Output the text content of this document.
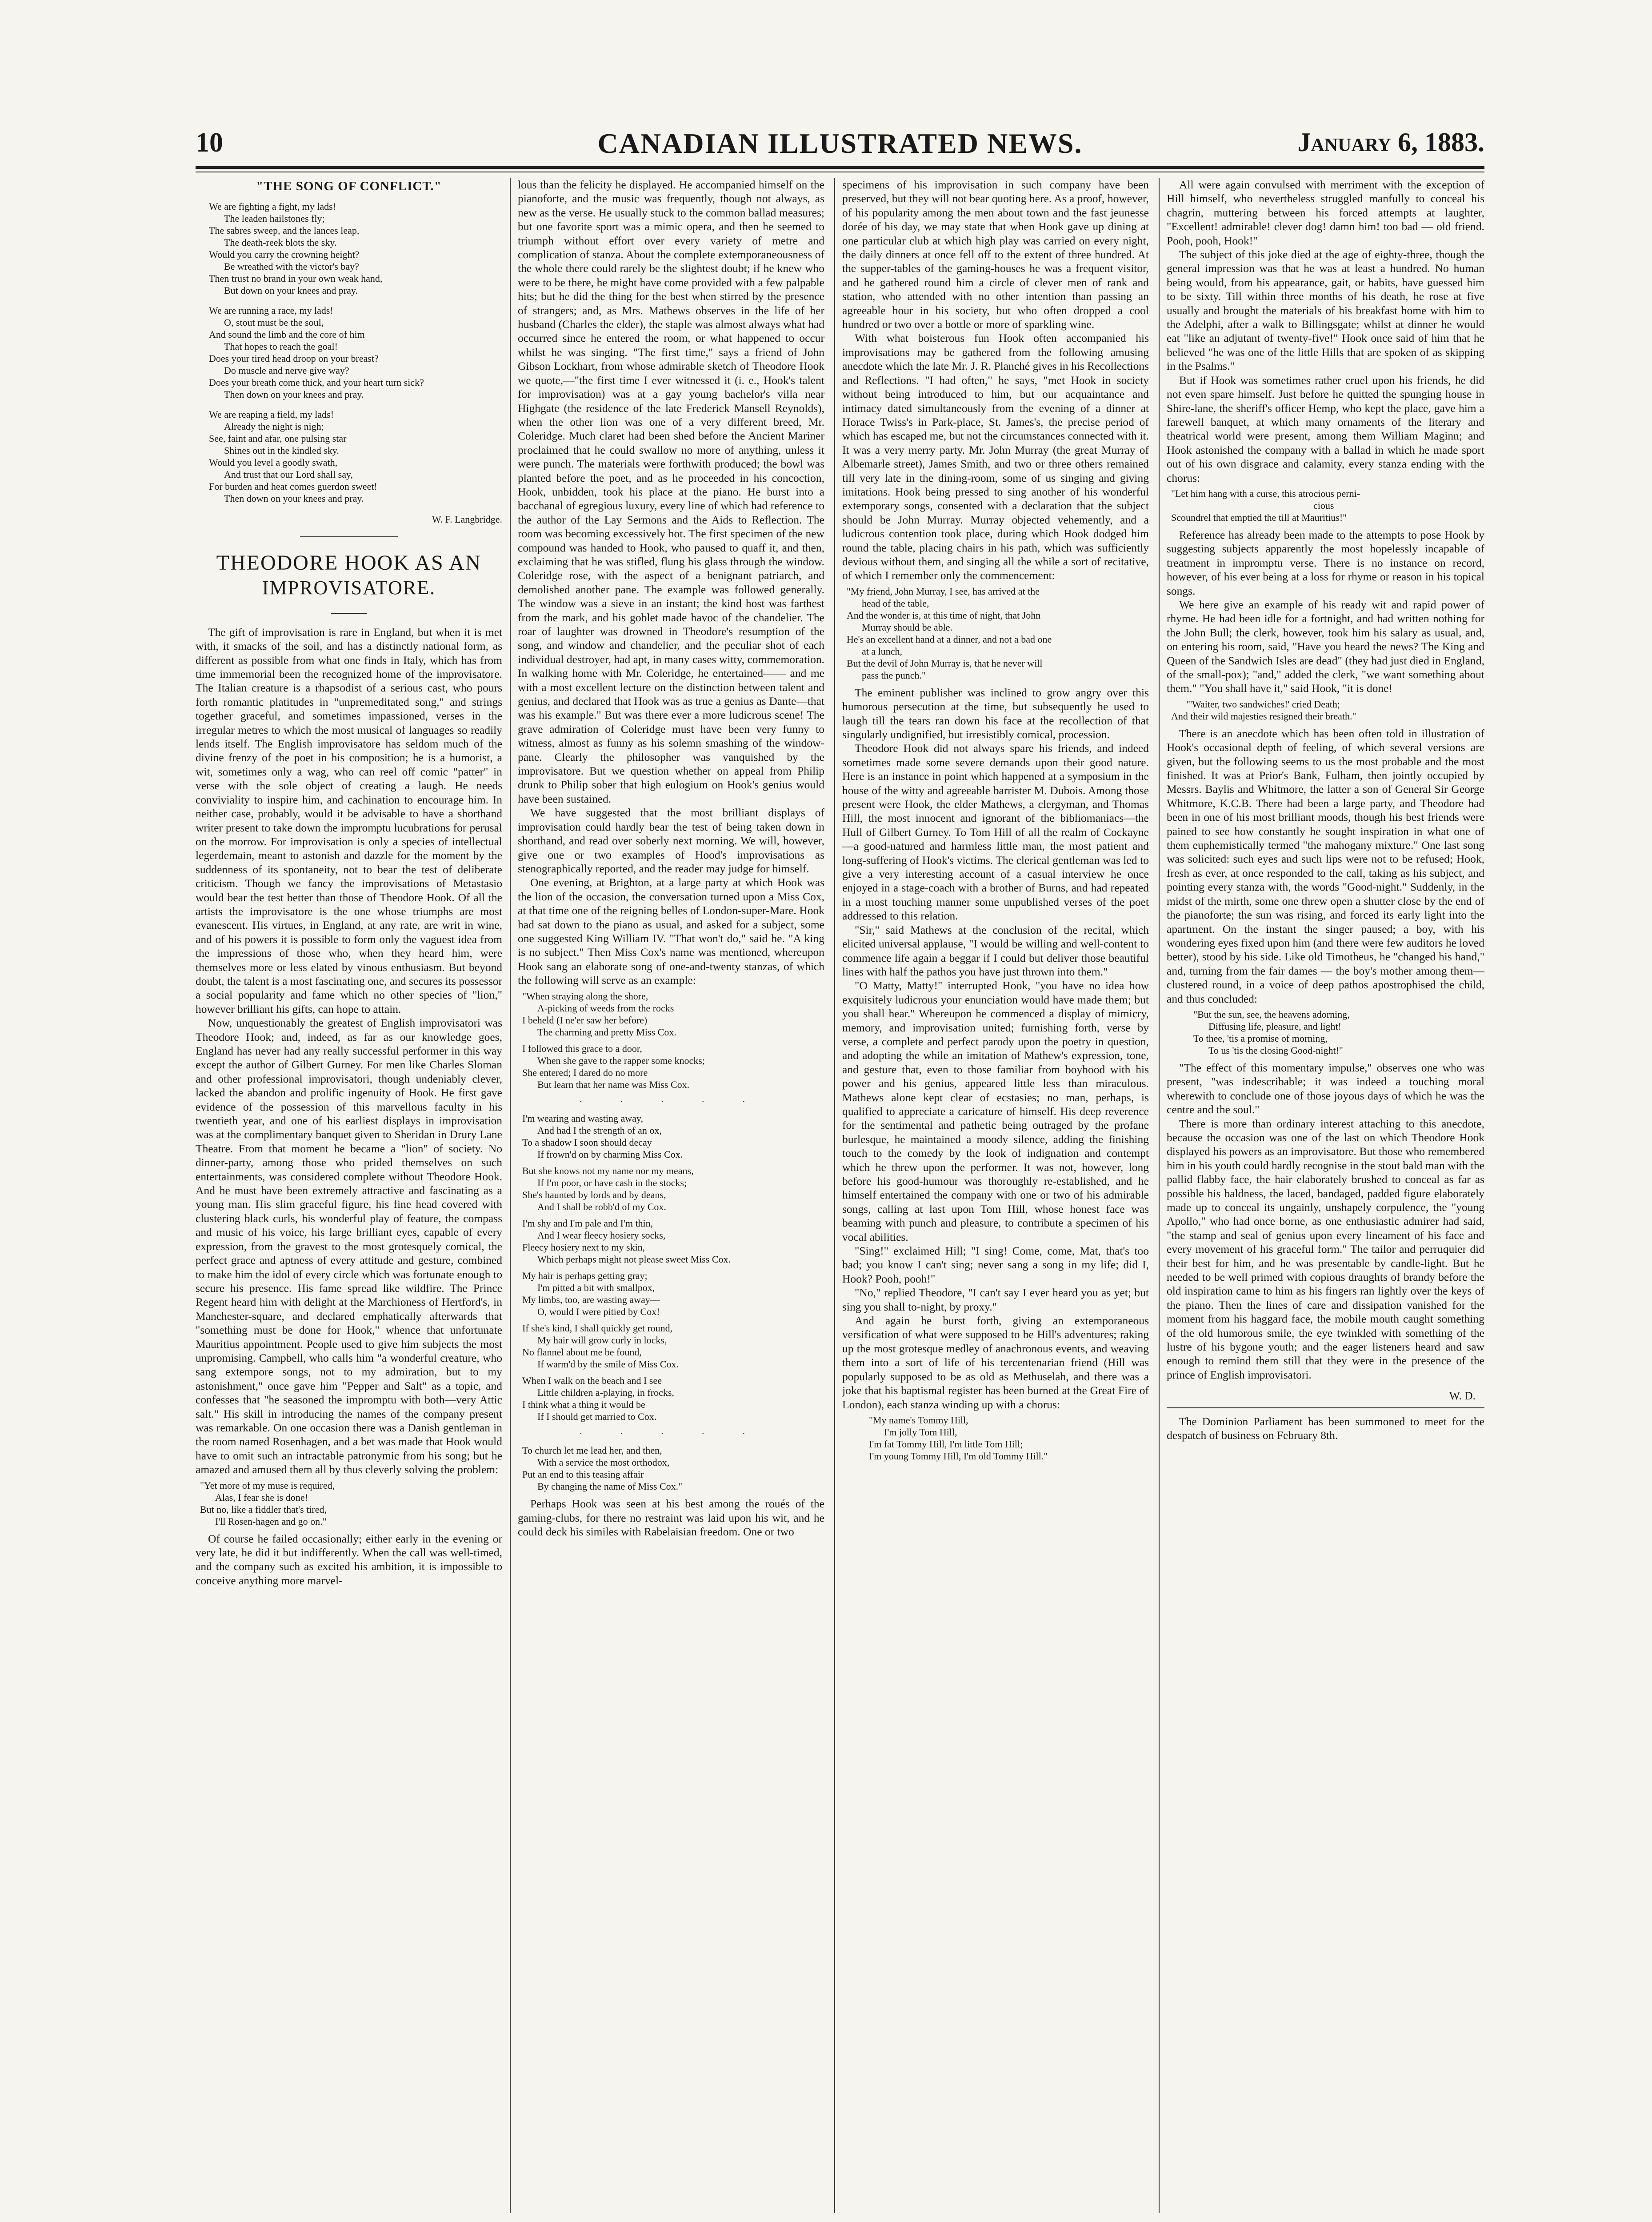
CANADIAN ILLUSTRATED NEWS.
10	January 6, 1883.
"THE SONG OF CONFLICT."
We are fighting a fight, my lads!
The leaden hailstones fly;
The sabres sweep, and the lances leap,
The death-reek blots the sky.
Would you carry the crowning height?
Be wreathed with the victor's bay?
Then trust no brand in your own weak hand,
But down on your knees and pray.
We are running a race, my lads!
O, stout must be the soul,
And sound the limb and the core of him
That hopes to reach the goal!
Does your tired head droop on your breast?
Do muscle and nerve give way?
Does your breath come thick, and your heart turn sick?
Then down on your knees and pray.
We are reaping a field, my lads!
Already the night is nigh;
See, faint and afar, one pulsing star
Shines out in the kindled sky.
Would you level a goodly swath,
And trust that our Lord shall say,
For burden and heat comes guerdon sweet!
Then down on your knees and pray.
W. F. Langbridge.
THEODORE HOOK AS AN
IMPROVISATORE.

The gift of improvisation is rare in England, but when it is met with, it smacks of the soil, and has a distinctly national form, as different as possible from what one finds in Italy, which has from time immemorial been the recognized home of the improvisatore. The Italian creature is a rhapsodist of a serious cast, who pours forth romantic platitudes in "unpremeditated song," and strings together graceful, and sometimes impassioned, verses in the irregular metres to which the most musical of languages so readily lends itself. The English improvisatore has seldom much of the divine frenzy of the poet in his composition; he is a humorist, a wit, sometimes only a wag, who can reel off comic "patter" in verse with the sole object of creating a laugh. He needs conviviality to inspire him, and cachination to encourage him. In neither case, probably, would it be advisable to have a shorthand writer present to take down the impromptu lucubrations for perusal on the morrow. For improvisation is only a species of intellectual legerdemain, meant to astonish and dazzle for the moment by the suddenness of its spontaneity, not to bear the test of deliberate criticism. Though we fancy the improvisations of Metastasio would bear the test better than those of Theodore Hook. Of all the artists the improvisatore is the one whose triumphs are most evanescent. His virtues, in England, at any rate, are writ in wine, and of his powers it is possible to form only the vaguest idea from the impressions of those who, when they heard him, were themselves more or less elated by vinous enthusiasm. But beyond doubt, the talent is a most fascinating one, and secures its possessor a social popularity and fame which no other species of "lion," however brilliant his gifts, can hope to attain.

Now, unquestionably the greatest of English improvisatori was Theodore Hook; and, indeed, as far as our knowledge goes, England has never had any really successful performer in this way except the author of Gilbert Gurney. For men like Charles Sloman and other professional improvisatori, though undeniably clever, lacked the abandon and prolific ingenuity of Hook. He first gave evidence of the possession of this marvellous faculty in his twentieth year, and one of his earliest displays in improvisation was at the complimentary banquet given to Sheridan in Drury Lane Theatre. From that moment he became a "lion" of society. No dinner-party, among those who prided themselves on such entertainments, was considered complete without Theodore Hook. And he must have been extremely attractive and fascinating as a young man. His slim graceful figure, his fine head covered with clustering black curls, his wonderful play of feature, the compass and music of his voice, his large brilliant eyes, capable of every expression, from the gravest to the most grotesquely comical, the perfect grace and aptness of every attitude and gesture, combined to make him the idol of every circle which was fortunate enough to secure his presence. His fame spread like wildfire. The Prince Regent heard him with delight at the Marchioness of Hertford's, in Manchester-square, and declared emphatically afterwards that "something must be done for Hook," whence that unfortunate Mauritius appointment. People used to give him subjects the most unpromising. Campbell, who calls him "a wonderful creature, who sang extempore songs, not to my admiration, but to my astonishment," once gave him "Pepper and Salt" as a topic, and confesses that "he seasoned the impromptu with both—very Attic salt." His skill in introducing the names of the company present was remarkable. On one occasion there was a Danish gentleman in the room named Rosenhagen, and a bet was made that Hook would have to omit such an intractable patronymic from his song; but he amazed and amused them all by thus cleverly solving the problem:

"Yet more of my muse is required,
Alas, I fear she is done!
But no, like a fiddler that's tired,
I'll Rosen-hagen and go on."

Of course he failed occasionally; either early in the evening or very late, he did it but indifferently. When the call was well-timed, and the company such as excited his ambition, it is impossible to conceive anything more marvel-

lous than the felicity he displayed. He accompanied himself on the pianoforte, and the music was frequently, though not always, as new as the verse. He usually stuck to the common ballad measures; but one favorite sport was a mimic opera, and then he seemed to triumph without effort over every variety of metre and complication of stanza. About the complete extemporaneousness of the whole there could rarely be the slightest doubt; if he knew who were to be there, he might have come provided with a few palpable hits; but he did the thing for the best when stirred by the presence of strangers; and, as Mrs. Mathews observes in the life of her husband (Charles the elder), the staple was almost always what had occurred since he entered the room, or what happened to occur whilst he was singing. "The first time," says a friend of John Gibson Lockhart, from whose admirable sketch of Theodore Hook we quote,—"the first time I ever witnessed it (i. e., Hook's talent for improvisation) was at a gay young bachelor's villa near Highgate (the residence of the late Frederick Mansell Reynolds), when the other lion was one of a very different breed, Mr. Coleridge. Much claret had been shed before the Ancient Mariner proclaimed that he could swallow no more of anything, unless it were punch. The materials were forthwith produced; the bowl was planted before the poet, and as he proceeded in his concoction, Hook, unbidden, took his place at the piano. He burst into a bacchanal of egregious luxury, every line of which had reference to the author of the Lay Sermons and the Aids to Reflection. The room was becoming excessively hot. The first specimen of the new compound was handed to Hook, who paused to quaff it, and then, exclaiming that he was stifled, flung his glass through the window. Coleridge rose, with the aspect of a benignant patriarch, and demolished another pane. The example was followed generally. The window was a sieve in an instant; the kind host was farthest from the mark, and his goblet made havoc of the chandelier. The roar of laughter was drowned in Theodore's resumption of the song, and window and chandelier, and the peculiar shot of each individual destroyer, had apt, in many cases witty, commemoration. In walking home with Mr. Coleridge, he entertained—— and me with a most excellent lecture on the distinction between talent and genius, and declared that Hook was as true a genius as Dante—that was his example." But was there ever a more ludicrous scene! The grave admiration of Coleridge must have been very funny to witness, almost as funny as his solemn smashing of the window-pane. Clearly the philosopher was vanquished by the improvisatore. But we question whether on appeal from Philip drunk to Philip sober that high eulogium on Hook's genius would have been sustained.

We have suggested that the most brilliant displays of improvisation could hardly bear the test of being taken down in shorthand, and read over soberly next morning. We will, however, give one or two examples of Hood's improvisations as stenographically reported, and the reader may judge for himself.

One evening, at Brighton, at a large party at which Hook was the lion of the occasion, the conversation turned upon a Miss Cox, at that time one of the reigning belles of London-super-Mare. Hook had sat down to the piano as usual, and asked for a subject, some one suggested King William IV. "That won't do," said he. "A king is no subject." Then Miss Cox's name was mentioned, whereupon Hook sang an elaborate song of one-and-twenty stanzas, of which the following will serve as an example:

"When straying along the shore,
A-picking of weeds from the rocks
I beheld (I ne'er saw her before)
The charming and pretty Miss Cox.
I followed this grace to a door,
When she gave to the rapper some knocks;
She entered; I dared do no more
But learn that her name was Miss Cox.
· · · · ·
I'm wearing and wasting away,
And had I the strength of an ox,
To a shadow I soon should decay
If frown'd on by charming Miss Cox.
But she knows not my name nor my means,
If I'm poor, or have cash in the stocks;
She's haunted by lords and by deans,
And I shall be robb'd of my Cox.
I'm shy and I'm pale and I'm thin,
And I wear fleecy hosiery socks,
Fleecy hosiery next to my skin,
Which perhaps might not please sweet Miss Cox.
My hair is perhaps getting gray;
I'm pitted a bit with smallpox,
My limbs, too, are wasting away—
O, would I were pitied by Cox!
If she's kind, I shall quickly get round,
My hair will grow curly in locks,
No flannel about me be found,
If warm'd by the smile of Miss Cox.
When I walk on the beach and I see
Little children a-playing, in frocks,
I think what a thing it would be
If I should get married to Cox.
· · · · ·
To church let me lead her, and then,
With a service the most orthodox,
Put an end to this teasing affair
By changing the name of Miss Cox."

Perhaps Hook was seen at his best among the roués of the gaming-clubs, for there no restraint was laid upon his wit, and he could deck his similes with Rabelaisian freedom. One or two

specimens of his improvisation in such company have been preserved, but they will not bear quoting here. As a proof, however, of his popularity among the men about town and the fast jeunesse dorée of his day, we may state that when Hook gave up dining at one particular club at which high play was carried on every night, the daily dinners at once fell off to the extent of three hundred. At the supper-tables of the gaming-houses he was a frequent visitor, and he gathered round him a circle of clever men of rank and station, who attended with no other intention than passing an agreeable hour in his society, but who often dropped a cool hundred or two over a bottle or more of sparkling wine.

With what boisterous fun Hook often accompanied his improvisations may be gathered from the following amusing anecdote which the late Mr. J. R. Planché gives in his Recollections and Reflections. "I had often," he says, "met Hook in society without being introduced to him, but our acquaintance and intimacy dated simultaneously from the evening of a dinner at Horace Twiss's in Park-place, St. James's, the precise period of which has escaped me, but not the circumstances connected with it. It was a very merry party. Mr. John Murray (the great Murray of Albemarle street), James Smith, and two or three others remained till very late in the dining-room, some of us singing and giving imitations. Hook being pressed to sing another of his wonderful extemporary songs, consented with a declaration that the subject should be John Murray. Murray objected vehemently, and a ludicrous contention took place, during which Hook dodged him round the table, placing chairs in his path, which was sufficiently devious without them, and singing all the while a sort of recitative, of which I remember only the commencement:

"My friend, John Murray, I see, has arrived at the
head of the table,
And the wonder is, at this time of night, that John
Murray should be able.
He's an excellent hand at a dinner, and not a bad one
at a lunch,
But the devil of John Murray is, that he never will
pass the punch."

The eminent publisher was inclined to grow angry over this humorous persecution at the time, but subsequently he used to laugh till the tears ran down his face at the recollection of that singularly undignified, but irresistibly comical, procession.

Theodore Hook did not always spare his friends, and indeed sometimes made some severe demands upon their good nature. Here is an instance in point which happened at a symposium in the house of the witty and agreeable barrister M. Dubois. Among those present were Hook, the elder Mathews, a clergyman, and Thomas Hill, the most innocent and ignorant of the bibliomaniacs—the Hull of Gilbert Gurney. To Tom Hill of all the realm of Cockayne—a good-natured and harmless little man, the most patient and long-suffering of Hook's victims. The clerical gentleman was led to give a very interesting account of a casual interview he once enjoyed in a stage-coach with a brother of Burns, and had repeated in a most touching manner some unpublished verses of the poet addressed to this relation.

"Sir," said Mathews at the conclusion of the recital, which elicited universal applause, "I would be willing and well-content to commence life again a beggar if I could but deliver those beautiful lines with half the pathos you have just thrown into them."

"O Matty, Matty!" interrupted Hook, "you have no idea how exquisitely ludicrous your enunciation would have made them; but you shall hear." Whereupon he commenced a display of mimicry, memory, and improvisation united; furnishing forth, verse by verse, a complete and perfect parody upon the poetry in question, and adopting the while an imitation of Mathew's expression, tone, and gesture that, even to those familiar from boyhood with his power and his genius, appeared little less than miraculous. Mathews alone kept clear of ecstasies; no man, perhaps, is qualified to appreciate a caricature of himself. His deep reverence for the sentimental and pathetic being outraged by the profane burlesque, he maintained a moody silence, adding the finishing touch to the comedy by the look of indignation and contempt which he threw upon the performer. It was not, however, long before his good-humour was thoroughly re-established, and he himself entertained the company with one or two of his admirable songs, calling at last upon Tom Hill, whose honest face was beaming with punch and pleasure, to contribute a specimen of his vocal abilities.

"Sing!" exclaimed Hill; "I sing! Come, come, Mat, that's too bad; you know I can't sing; never sang a song in my life; did I, Hook? Pooh, pooh!"

"No," replied Theodore, "I can't say I ever heard you as yet; but sing you shall to-night, by proxy."

And again he burst forth, giving an extemporaneous versification of what were supposed to be Hill's adventures; raking up the most grotesque medley of anachronous events, and weaving them into a sort of life of his tercentenarian friend (Hill was popularly supposed to be as old as Methuselah, and there was a joke that his baptismal register has been burned at the Great Fire of London), each stanza winding up with a chorus:

"My name's Tommy Hill,
I'm jolly Tom Hill,
I'm fat Tommy Hill, I'm little Tom Hill;
I'm young Tommy Hill, I'm old Tommy Hill."

All were again convulsed with merriment with the exception of Hill himself, who nevertheless struggled manfully to conceal his chagrin, muttering between his forced attempts at laughter, "Excellent! admirable! clever dog! damn him! too bad — old friend. Pooh, pooh, Hook!"

The subject of this joke died at the age of eighty-three, though the general impression was that he was at least a hundred. No human being would, from his appearance, gait, or habits, have guessed him to be sixty. Till within three months of his death, he rose at five usually and brought the materials of his breakfast home with him to the Adelphi, after a walk to Billingsgate; whilst at dinner he would eat "like an adjutant of twenty-five!" Hook once said of him that he believed "he was one of the little Hills that are spoken of as skipping in the Psalms."

But if Hook was sometimes rather cruel upon his friends, he did not even spare himself. Just before he quitted the spunging house in Shire-lane, the sheriff's officer Hemp, who kept the place, gave him a farewell banquet, at which many ornaments of the literary and theatrical world were present, among them William Maginn; and Hook astonished the company with a ballad in which he made sport out of his own disgrace and calamity, every stanza ending with the chorus:

"Let him hang with a curse, this atrocious perni-
cious
Scoundrel that emptied the till at Mauritius!"

Reference has already been made to the attempts to pose Hook by suggesting subjects apparently the most hopelessly incapable of treatment in impromptu verse. There is no instance on record, however, of his ever being at a loss for rhyme or reason in his topical songs.

We here give an example of his ready wit and rapid power of rhyme. He had been idle for a fortnight, and had written nothing for the John Bull; the clerk, however, took him his salary as usual, and, on entering his room, said, "Have you heard the news? The King and Queen of the Sandwich Isles are dead" (they had just died in England, of the small-pox); "and," added the clerk, "we want something about them." "You shall have it," said Hook, "it is done!

"'Waiter, two sandwiches!' cried Death;
And their wild majesties resigned their breath."

There is an anecdote which has been often told in illustration of Hook's occasional depth of feeling, of which several versions are given, but the following seems to us the most probable and the most finished. It was at Prior's Bank, Fulham, then jointly occupied by Messrs. Baylis and Whitmore, the latter a son of General Sir George Whitmore, K.C.B. There had been a large party, and Theodore had been in one of his most brilliant moods, though his best friends were pained to see how constantly he sought inspiration in what one of them euphemistically termed "the mahogany mixture." One last song was solicited: such eyes and such lips were not to be refused; Hook, fresh as ever, at once responded to the call, taking as his subject, and pointing every stanza with, the words "Good-night." Suddenly, in the midst of the mirth, some one threw open a shutter close by the end of the pianoforte; the sun was rising, and forced its early light into the apartment. On the instant the singer paused; a boy, with his wondering eyes fixed upon him (and there were few auditors he loved better), stood by his side. Like old Timotheus, he "changed his hand," and, turning from the fair dames — the boy's mother among them—clustered round, in a voice of deep pathos apostrophised the child, and thus concluded:

"But the sun, see, the heavens adorning,
Diffusing life, pleasure, and light!
To thee, 'tis a promise of morning,
To us 'tis the closing Good-night!"

"The effect of this momentary impulse," observes one who was present, "was indescribable; it was indeed a touching moral wherewith to conclude one of those joyous days of which he was the centre and the soul."

There is more than ordinary interest attaching to this anecdote, because the occasion was one of the last on which Theodore Hook displayed his powers as an improvisatore. But those who remembered him in his youth could hardly recognise in the stout bald man with the pallid flabby face, the hair elaborately brushed to conceal as far as possible his baldness, the laced, bandaged, padded figure elaborately made up to conceal its ungainly, unshapely corpulence, the "young Apollo," who had once borne, as one enthusiastic admirer had said, "the stamp and seal of genius upon every lineament of his face and every movement of his graceful form." The tailor and perruquier did their best for him, and he was presentable by candle-light. But he needed to be well primed with copious draughts of brandy before the old inspiration came to him as his fingers ran lightly over the keys of the piano. Then the lines of care and dissipation vanished for the moment from his haggard face, the mobile mouth caught something of the old humorous smile, the eye twinkled with something of the lustre of his bygone youth; and the eager listeners heard and saw enough to remind them still that they were in the presence of the prince of English improvisatori.

W. D.

The Dominion Parliament has been summoned to meet for the despatch of business on February 8th.
